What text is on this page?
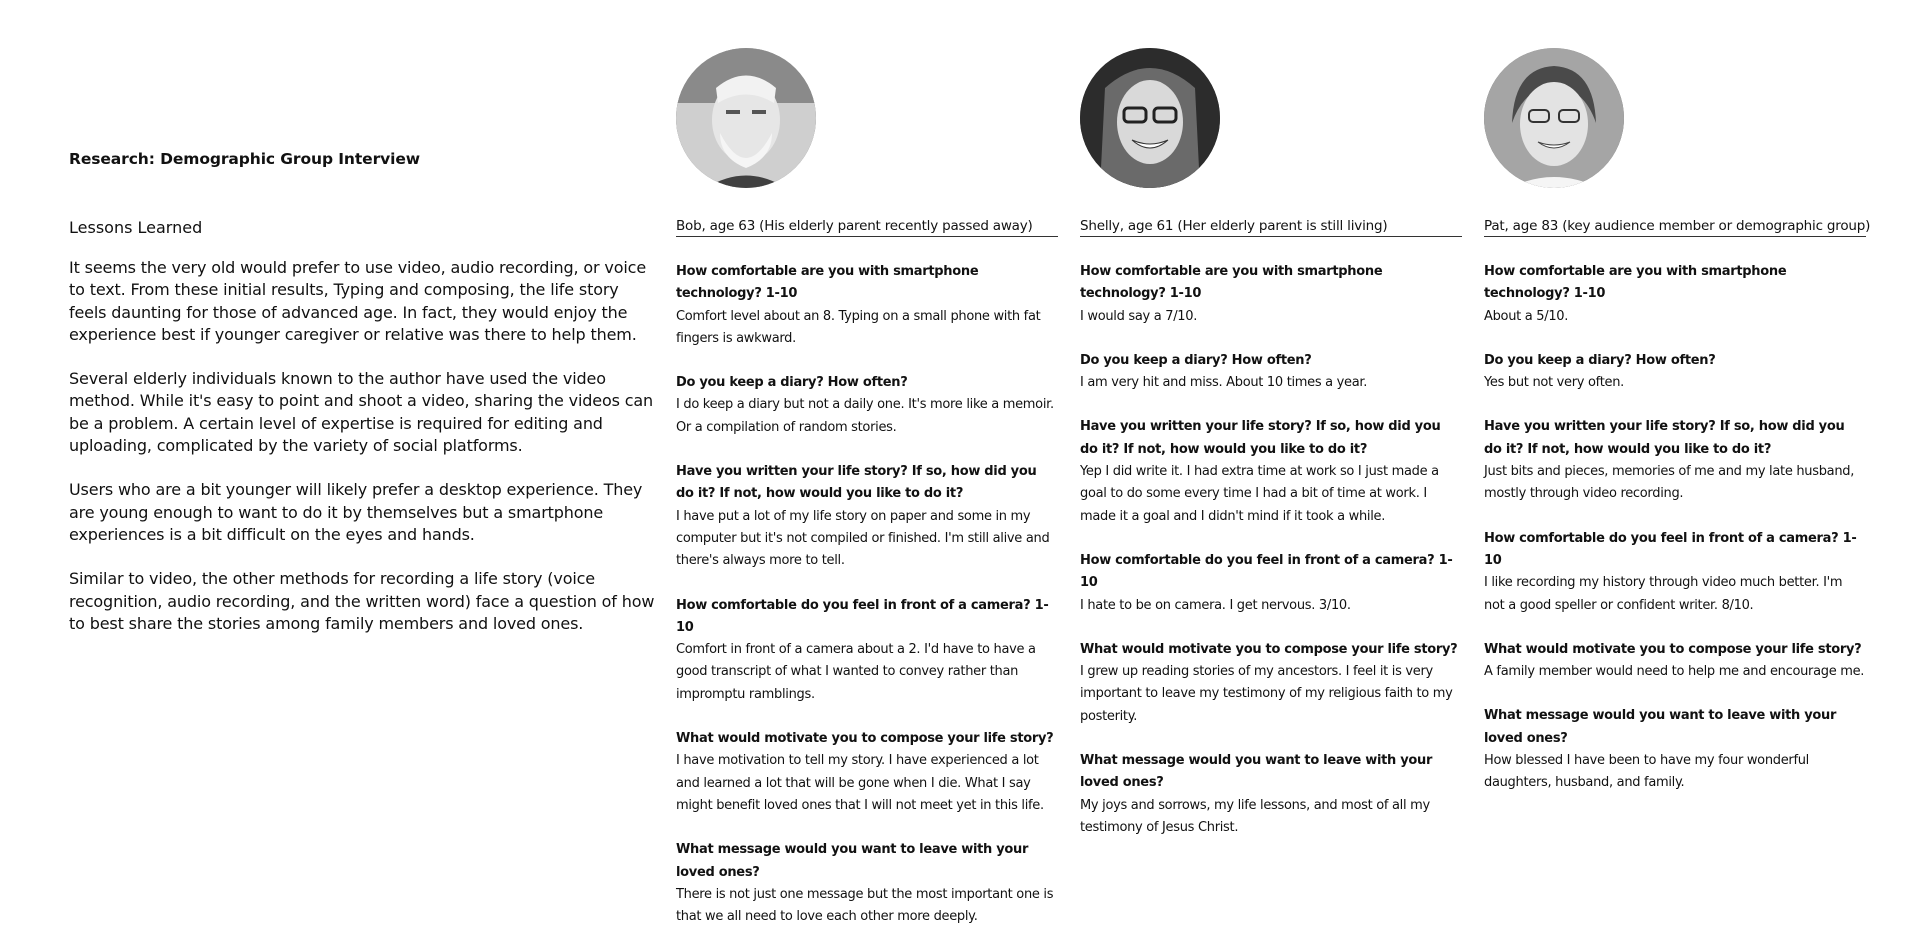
Research: Demographic Group Interview
Lessons Learned

It seems the very old would prefer to use video, audio recording, or voice to text. From these initial results, Typing and composing, the life story feels daunting for those of advanced age. In fact, they would enjoy the experience best if younger caregiver or relative was there to help them.

Several elderly individuals known to the author have used the video method. While it's easy to point and shoot a video, sharing the videos can be a problem. A certain level of expertise is required for editing and uploading, complicated by the variety of social platforms.

Users who are a bit younger will likely prefer a desktop experience. They are young enough to want to do it by themselves but a smartphone experiences is a bit difficult on the eyes and hands.

Similar to video, the other methods for recording a life story (voice recognition, audio recording, and the written word) face a question of how to best share the stories among family members and loved ones.

Bob, age 63 (His elderly parent recently passed away)
How comfortable are you with smartphone technology? 1-10
Comfort level about an 8. Typing on a small phone with fat fingers is awkward.
Do you keep a diary? How often?
I do keep a diary but not a daily one. It's more like a memoir. Or a compilation of random stories.
Have you written your life story? If so, how did you do it? If not, how would you like to do it?
I have put a lot of my life story on paper and some in my computer but it's not compiled or finished. I'm still alive and there's always more to tell.
How comfortable do you feel in front of a camera? 1-10
Comfort in front of a camera about a 2. I'd have to have a good transcript of what I wanted to convey rather than impromptu ramblings.
What would motivate you to compose your life story?
I have motivation to tell my story. I have experienced a lot and learned a lot that will be gone when I die. What I say might benefit loved ones that I will not meet yet in this life.
What message would you want to leave with your loved ones?
There is not just one message but the most important one is that we all need to love each other more deeply.
Shelly, age 61 (Her elderly parent is still living)
How comfortable are you with smartphone technology? 1-10
I would say a 7/10.
Do you keep a diary? How often?
I am very hit and miss. About 10 times a year.
Have you written your life story? If so, how did you do it? If not, how would you like to do it?
Yep I did write it. I had extra time at work so I just made a goal to do some every time I had a bit of time at work. I made it a goal and I didn't mind if it took a while.
How comfortable do you feel in front of a camera? 1-10
I hate to be on camera. I get nervous. 3/10.
What would motivate you to compose your life story?
I grew up reading stories of my ancestors. I feel it is very important to leave my testimony of my religious faith to my posterity.
What message would you want to leave with your loved ones?
My joys and sorrows, my life lessons, and most of all my testimony of Jesus Christ.
Pat, age 83 (key audience member or demographic group)
How comfortable are you with smartphone technology? 1-10
About a 5/10.
Do you keep a diary? How often?
Yes but not very often.
Have you written your life story? If so, how did you do it? If not, how would you like to do it?
Just bits and pieces, memories of me and my late husband, mostly through video recording.
How comfortable do you feel in front of a camera? 1-10
I like recording my history through video much better. I'm not a good speller or confident writer. 8/10.
What would motivate you to compose your life story?
A family member would need to help me and encourage me.
What message would you want to leave with your loved ones?
How blessed I have been to have my four wonderful daughters, husband, and family.
